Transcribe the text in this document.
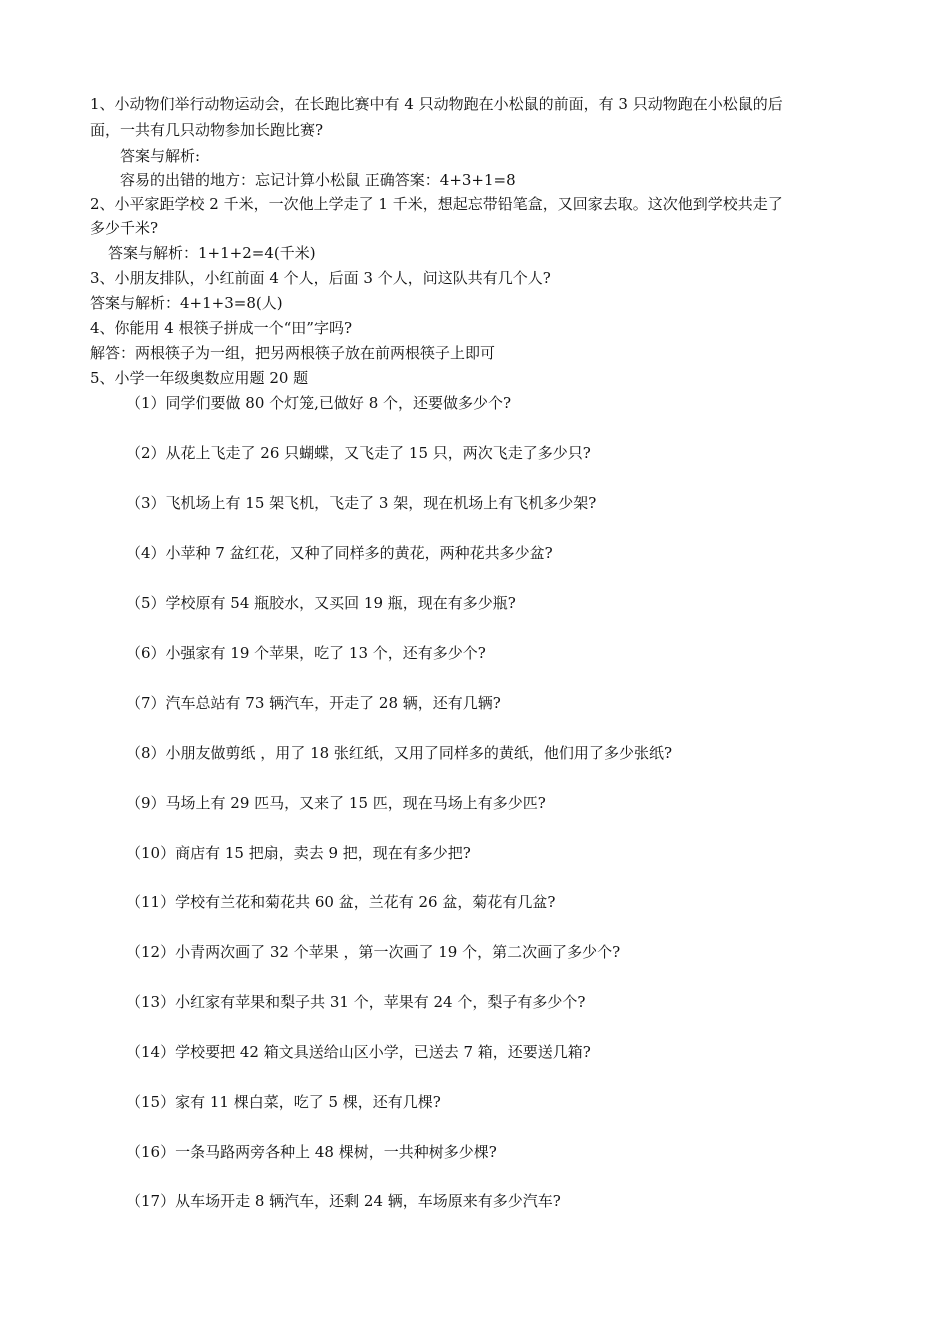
1、小动物们举行动物运动会，在长跑比赛中有 4 只动物跑在小松鼠的前面，有 3 只动物跑在小松鼠的后
面，一共有几只动物参加长跑比赛?
答案与解析:
容易的出错的地方：忘记计算小松鼠 正确答案：4+3+1=8
2、小平家距学校 2 千米，一次他上学走了 1 千米，想起忘带铅笔盒，又回家去取。这次他到学校共走了
多少千米?
答案与解析：1+1+2=4(千米)
3、小朋友排队，小红前面 4 个人，后面 3 个人，问这队共有几个人?
答案与解析：4+1+3=8(人)
4、你能用 4 根筷子拼成一个“田”字吗?
解答：两根筷子为一组，把另两根筷子放在前两根筷子上即可
5、小学一年级奥数应用题 20 题
（1）同学们要做 80 个灯笼,已做好 8 个，还要做多少个?
（2）从花上飞走了 26 只蝴蝶，又飞走了 15 只，两次飞走了多少只?
（3）飞机场上有 15 架飞机，飞走了 3 架，现在机场上有飞机多少架?
（4）小苹种 7 盆红花，又种了同样多的黄花，两种花共多少盆?
（5）学校原有 54 瓶胶水，又买回 19 瓶，现在有多少瓶?
（6）小强家有 19 个苹果，吃了 13 个，还有多少个?
（7）汽车总站有 73 辆汽车，开走了 28 辆，还有几辆?
（8）小朋友做剪纸 ，用了 18 张红纸，又用了同样多的黄纸，他们用了多少张纸?
（9）马场上有 29 匹马，又来了 15 匹，现在马场上有多少匹?
（10）商店有 15 把扇，卖去 9 把，现在有多少把?
（11）学校有兰花和菊花共 60 盆，兰花有 26 盆，菊花有几盆?
（12）小青两次画了 32 个苹果 ，第一次画了 19 个，第二次画了多少个?
（13）小红家有苹果和梨子共 31 个，苹果有 24 个，梨子有多少个?
（14）学校要把 42 箱文具送给山区小学，已送去 7 箱，还要送几箱?
（15）家有 11 棵白菜，吃了 5 棵，还有几棵?
（16）一条马路两旁各种上 48 棵树，一共种树多少棵?
（17）从车场开走 8 辆汽车，还剩 24 辆，车场原来有多少汽车?
